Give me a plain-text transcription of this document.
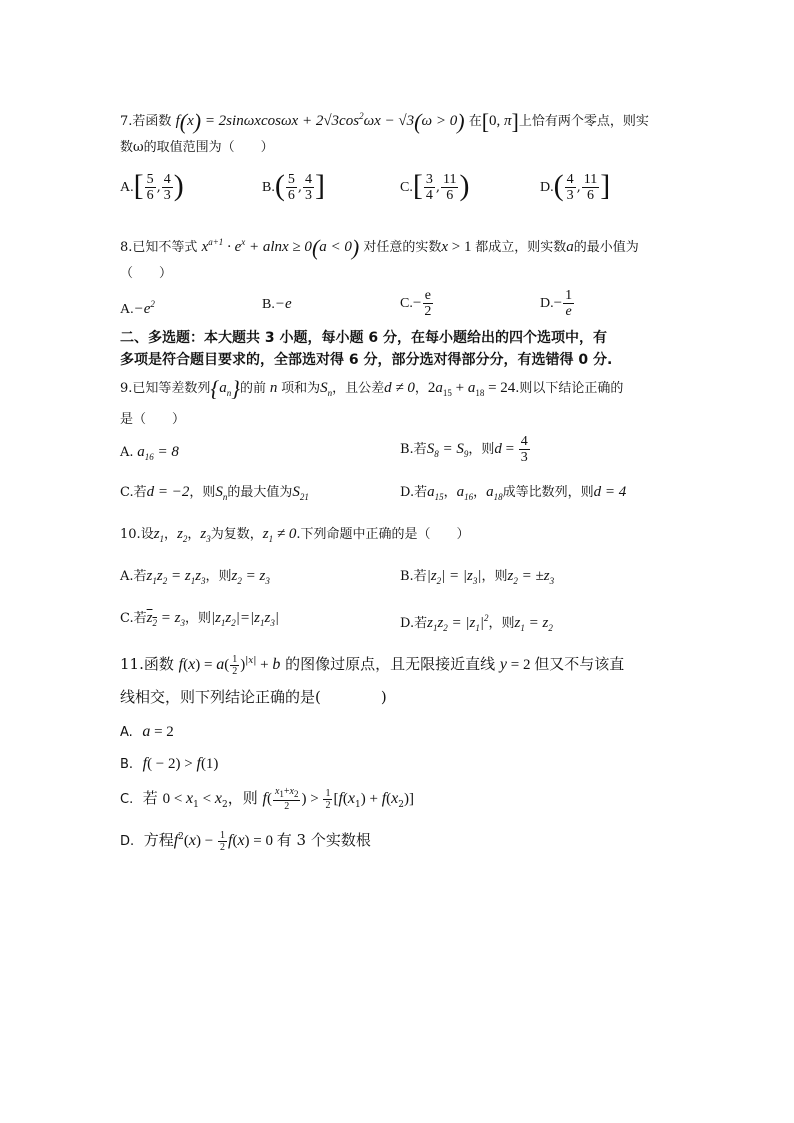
7.若函数 $f(x) = 2\sin\omega xcos\omega x + 2√3\cos^2\omega x - √3(\omega > 0)$ 在[0, π]上恰有两个零点，则实
数ω的取值范围为（　　）
$A.[ \frac{5}{6}$ , $\frac{4}{3}$ )	$B.( \frac{5}{6}$ , $\frac{4}{3}$ ]	$C.[ \frac{3}{4}$ , $\frac{11}{6}$ )	$D.( \frac{4}{3}$ , $\frac{11}{6}$ ]
8.已知不等式 $x^{a+1} \cdot e^x + alnx \ge 0(a < 0)$ 对任意的实数x > 1 都成立，则实数a的最小值为
（　　）
$A.-e^2$	B.−e	$C.- \frac{e}{2}$	$D.- \frac{1}{e}$
二、多选题：本大题共 3 小题，每小题 6 分，在每小题给出的四个选项中，有
多项是符合题目要求的，全部选对得 6 分，部分选对得部分分，有选错得 0 分.
9.已知等差数列$\{a_n\}$的前 n 项和为$S_n$，且公差d ≠ 0，$2a_{15} + a_{18} = 24$.则以下结论正确的
是（　　）
A. $a_{16} = 8$	B.若$S_8 = S_9$，则$d = \frac{4}{3}$
C.若d = −2，则$S_n$的最大值为$S_{21}$	D.若$a_{15}$，$a_{16}$，$a_{18}$成等比数列，则d = 4
10.设$z_1$，$z_2$，$z_3$为复数，$z_1 \ne 0$.下列命题中正确的是（　　）
A.若$z_1z_2 = z_1z_3$，则$z_2 = z_3$	B.若$|z_2| = |z_3|$，则$z_2 = \pm z_3$
C.若$z_2 = z_3$，则$|z_1z_2|=|z_1z_3|$	D.若$z_1z_2 = |z_1|^2$，则$z_1 = z_2$
11.函数 $f(x) = a( \frac{1}{2} )^{|x|} + b$ 的图像过原点，且无限接近直线 y = 2 但又不与该直
线相交，则下列结论正确的是(　　　　)
A. a = 2
B. f( − 2) > f(1)
C. 若 $0 < x_1 < x_2$，则 $f( \frac{x_1+x_2}{2}$ ) > $\frac{1}{2} [f(x_1) + f(x_2)]$
D. 方程$f^2(x) - \frac{1}{2} f(x) = 0$ 有 3 个实数根
